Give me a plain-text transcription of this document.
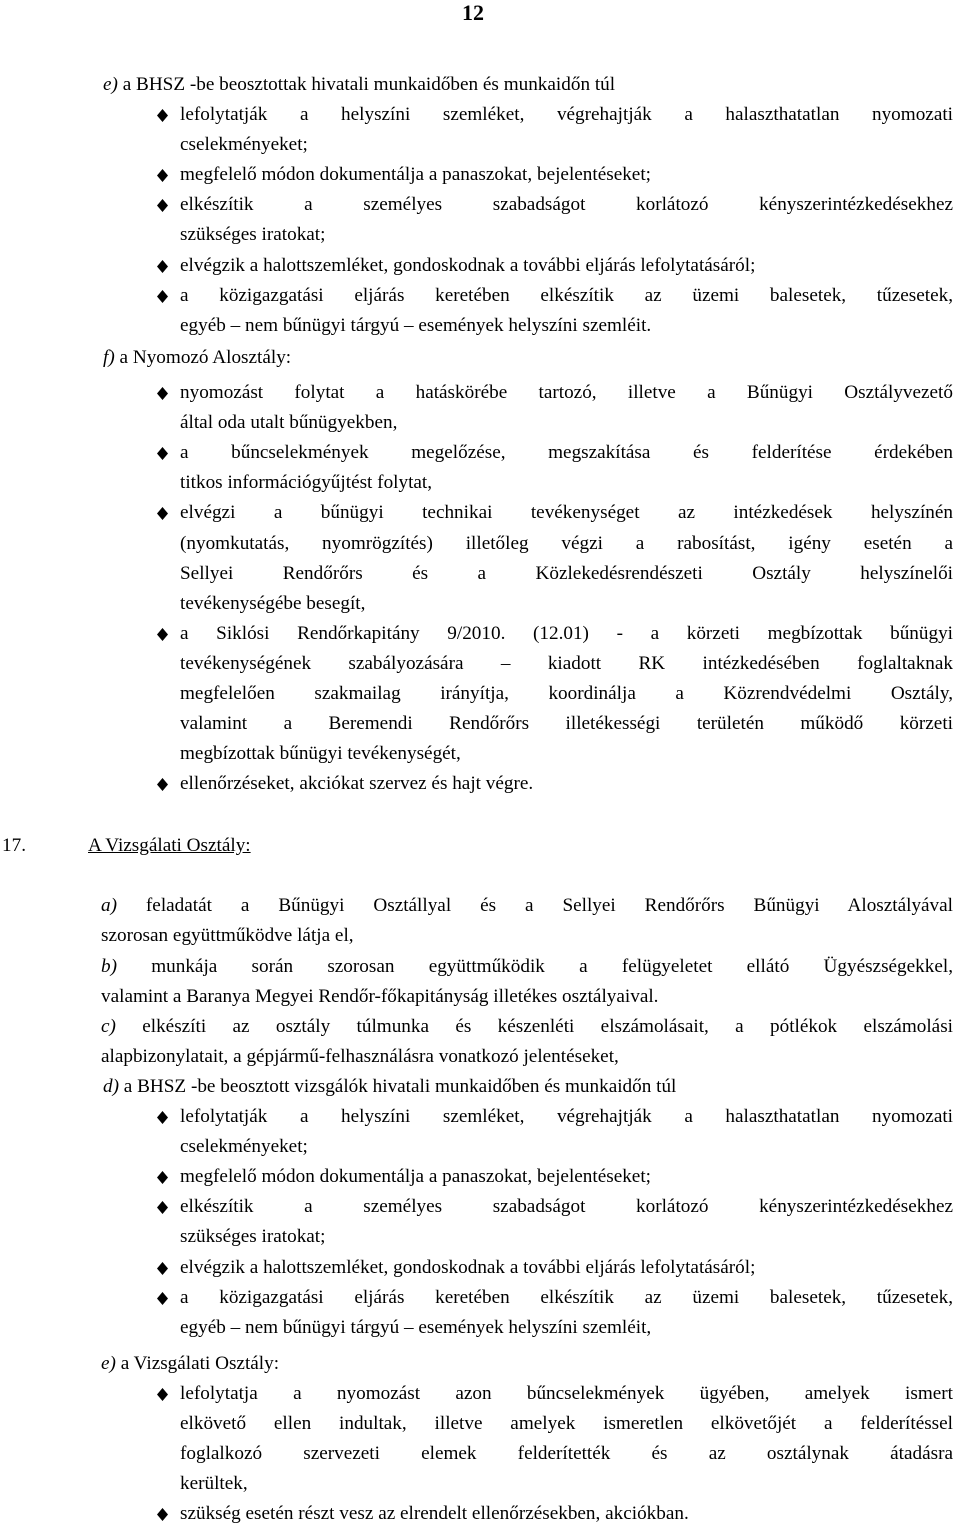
12
e) a BHSZ -be beosztottak hivatali munkaidőben és munkaidőn túl
lefolytatják a helyszíni szemléket, végrehajtják a halaszthatatlan nyomozati
cselekményeket;
megfelelő módon dokumentálja a panaszokat, bejelentéseket;
elkészítik a személyes szabadságot korlátozó kényszerintézkedésekhez
szükséges iratokat;
elvégzik a halottszemléket, gondoskodnak a további eljárás lefolytatásáról;
a közigazgatási eljárás keretében elkészítik az üzemi balesetek, tűzesetek,
egyéb – nem bűnügyi tárgyú – események helyszíni szemléit.
f) a Nyomozó Alosztály:
nyomozást folytat a hatáskörébe tartozó, illetve a Bűnügyi Osztályvezető
által oda utalt bűnügyekben,
a bűncselekmények megelőzése, megszakítása és felderítése érdekében
titkos információgyűjtést folytat,
elvégzi a bűnügyi technikai tevékenységet az intézkedések helyszínén
(nyomkutatás, nyomrögzítés) illetőleg végzi a rabosítást, igény esetén a
Sellyei Rendőrőrs és a Közlekedésrendészeti Osztály helyszínelői
tevékenységébe besegít,
a Siklósi Rendőrkapitány 9/2010. (12.01) - a körzeti megbízottak bűnügyi
tevékenységének szabályozására – kiadott RK intézkedésében foglaltaknak
megfelelően szakmailag irányítja, koordinálja a Közrendvédelmi Osztály,
valamint a Beremendi Rendőrőrs illetékességi területén működő körzeti
megbízottak bűnügyi tevékenységét,
ellenőrzéseket, akciókat szervez és hajt végre.
17.	A Vizsgálati Osztály:
a) feladatát a Bűnügyi Osztállyal és a Sellyei Rendőrőrs Bűnügyi Alosztályával
szorosan együttműködve látja el,
b) munkája során szorosan együttműködik a felügyeletet ellátó Ügyészségekkel,
valamint a Baranya Megyei Rendőr-főkapitányság illetékes osztályaival.
c) elkészíti az osztály túlmunka és készenléti elszámolásait, a pótlékok elszámolási
alapbizonylatait, a gépjármű-felhasználásra vonatkozó jelentéseket,
d) a BHSZ -be beosztott vizsgálók hivatali munkaidőben és munkaidőn túl
lefolytatják a helyszíni szemléket, végrehajtják a halaszthatatlan nyomozati
cselekményeket;
megfelelő módon dokumentálja a panaszokat, bejelentéseket;
elkészítik a személyes szabadságot korlátozó kényszerintézkedésekhez
szükséges iratokat;
elvégzik a halottszemléket, gondoskodnak a további eljárás lefolytatásáról;
a közigazgatási eljárás keretében elkészítik az üzemi balesetek, tűzesetek,
egyéb – nem bűnügyi tárgyú – események helyszíni szemléit,
e) a Vizsgálati Osztály:
lefolytatja a nyomozást azon bűncselekmények ügyében, amelyek ismert
elkövető ellen indultak, illetve amelyek ismeretlen elkövetőjét a felderítéssel
foglalkozó szervezeti elemek felderítették és az osztálynak átadásra
kerültek,
szükség esetén részt vesz az elrendelt ellenőrzésekben, akciókban.
